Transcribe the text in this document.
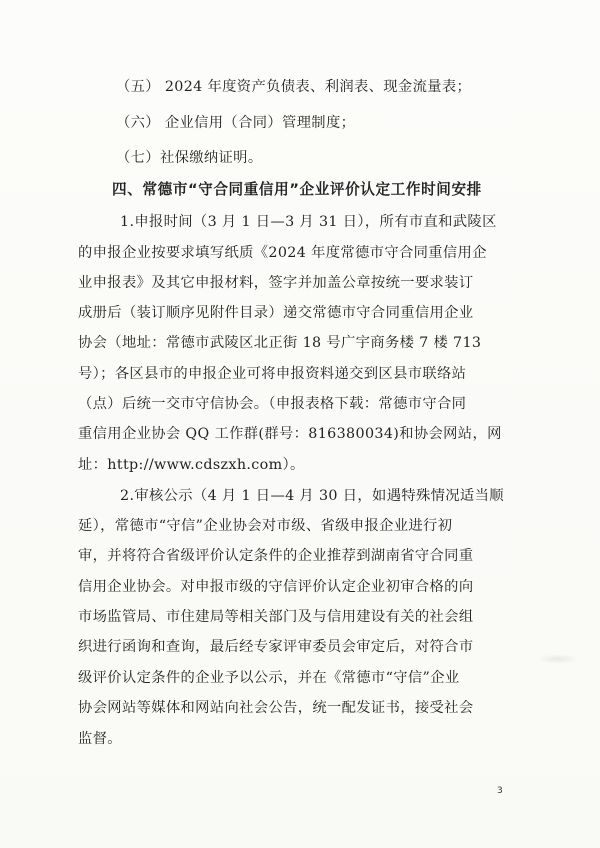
（五） 2024 年度资产负债表、利润表、现金流量表；
（六） 企业信用（合同）管理制度；
（七）社保缴纳证明。
四、常德市“守合同重信用”企业评价认定工作时间安排
1.申报时间（3 月 1 日—3 月 31 日），所有市直和武陵区
的申报企业按要求填写纸质《2024 年度常德市守合同重信用企
业申报表》及其它申报材料，签字并加盖公章按统一要求装订
成册后（装订顺序见附件目录）递交常德市守合同重信用企业
协会（地址：常德市武陵区北正街 18 号广宇商务楼 7 楼 713
号）；各区县市的申报企业可将申报资料递交到区县市联络站
（点）后统一交市守信协会。（申报表格下载：常德市守合同
重信用企业协会 QQ 工作群(群号：816380034)和协会网站，网
址：http://www.cdszxh.com）。
2.审核公示（4 月 1 日—4 月 30 日，如遇特殊情况适当顺
延），常德市“守信”企业协会对市级、省级申报企业进行初
审，并将符合省级评价认定条件的企业推荐到湖南省守合同重
信用企业协会。对申报市级的守信评价认定企业初审合格的向
市场监管局、市住建局等相关部门及与信用建设有关的社会组
织进行函询和查询，最后经专家评审委员会审定后，对符合市
级评价认定条件的企业予以公示，并在《常德市“守信”企业
协会网站等媒体和网站向社会公告，统一配发证书，接受社会
监督。
3
